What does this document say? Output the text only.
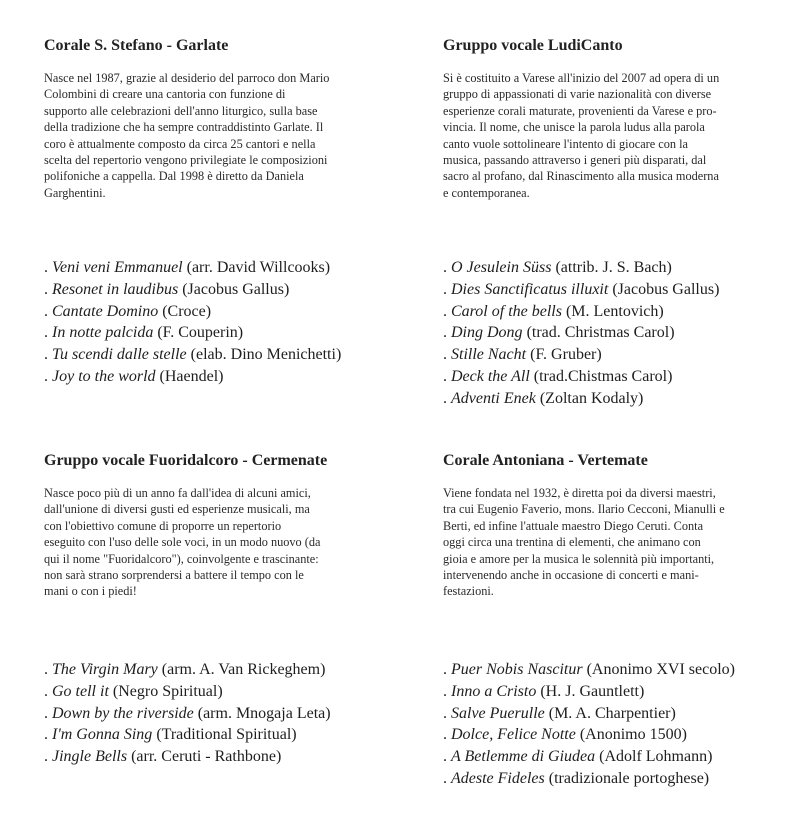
Corale S. Stefano - Garlate

Nasce nel 1987, grazie al desiderio del parroco don Mario
Colombini di creare una cantoria con funzione di
supporto alle celebrazioni dell'anno liturgico, sulla base
della tradizione che ha sempre contraddistinto Garlate. Il
coro è attualmente composto da circa 25 cantori e nella
scelta del repertorio vengono privilegiate le composizioni
polifoniche a cappella. Dal 1998 è diretto da Daniela
Garghentini.

Gruppo vocale LudiCanto

Si è costituito a Varese all'inizio del 2007 ad opera di un
gruppo di appassionati di varie nazionalità con diverse
esperienze corali maturate, provenienti da Varese e pro-
vincia. Il nome, che unisce la parola ludus alla parola
canto vuole sottolineare l'intento di giocare con la
musica, passando attraverso i generi più disparati, dal
sacro al profano, dal Rinascimento alla musica moderna
e contemporanea.

. Veni veni Emmanuel (arr. David Willcooks)
. Resonet in laudibus (Jacobus Gallus)
. Cantate Domino (Croce)
. In notte palcida (F. Couperin)
. Tu scendi dalle stelle (elab. Dino Menichetti)
. Joy to the world (Haendel)
. O Jesulein Süss (attrib. J. S. Bach)
. Dies Sanctificatus illuxit (Jacobus Gallus)
. Carol of the bells (M. Lentovich)
. Ding Dong (trad. Christmas Carol)
. Stille Nacht (F. Gruber)
. Deck the All (trad.Chistmas Carol)
. Adventi Enek (Zoltan Kodaly)
Gruppo vocale Fuoridalcoro - Cermenate

Nasce poco più di un anno fa dall'idea di alcuni amici,
dall'unione di diversi gusti ed esperienze musicali, ma
con l'obiettivo comune di proporre un repertorio
eseguito con l'uso delle sole voci, in un modo nuovo (da
qui il nome "Fuoridalcoro"), coinvolgente e trascinante:
non sarà strano sorprendersi a battere il tempo con le
mani o con i piedi!

Corale Antoniana - Vertemate

Viene fondata nel 1932, è diretta poi da diversi maestri,
tra cui Eugenio Faverio, mons. Ilario Cecconi, Mianulli e
Berti, ed infine l'attuale maestro Diego Ceruti. Conta
oggi circa una trentina di elementi, che animano con
gioia e amore per la musica le solennità più importanti,
intervenendo anche in occasione di concerti e mani-
festazioni.

. The Virgin Mary (arm. A. Van Rickeghem)
. Go tell it (Negro Spiritual)
. Down by the riverside (arm. Mnogaja Leta)
. I'm Gonna Sing (Traditional Spiritual)
. Jingle Bells (arr. Ceruti - Rathbone)
. Puer Nobis Nascitur (Anonimo XVI secolo)
. Inno a Cristo (H. J. Gauntlett)
. Salve Puerulle (M. A. Charpentier)
. Dolce, Felice Notte (Anonimo 1500)
. A Betlemme di Giudea (Adolf Lohmann)
. Adeste Fideles (tradizionale portoghese)
